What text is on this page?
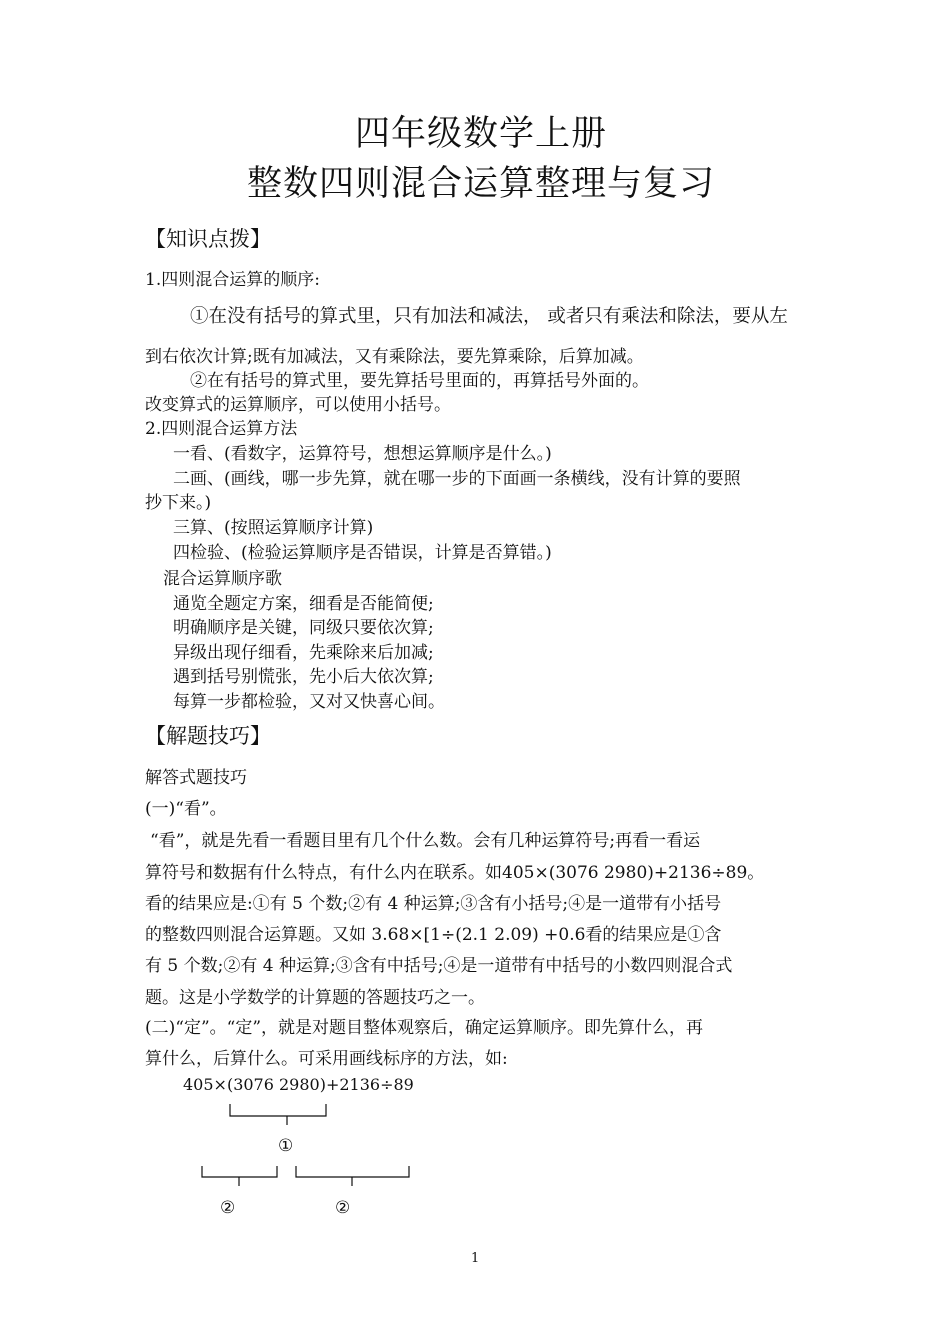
四年级数学上册
整数四则混合运算整理与复习
【知识点拨】
1.四则混合运算的顺序:
①在没有括号的算式里，只有加法和减法， 或者只有乘法和除法，要从左
到右依次计算;既有加减法，又有乘除法，要先算乘除，后算加减。
②在有括号的算式里，要先算括号里面的，再算括号外面的。
改变算式的运算顺序，可以使用小括号。
2.四则混合运算方法
一看、(看数字，运算符号，想想运算顺序是什么。)
二画、(画线，哪一步先算，就在哪一步的下面画一条横线，没有计算的要照
抄下来。)
三算、(按照运算顺序计算)
四检验、(检验运算顺序是否错误，计算是否算错。)
混合运算顺序歌
通览全题定方案，细看是否能简便;
明确顺序是关键，同级只要依次算;
异级出现仔细看，先乘除来后加减;
遇到括号别慌张，先小后大依次算;
每算一步都检验，又对又快喜心间。
【解题技巧】
解答式题技巧
(一)“看”。
“看”，就是先看一看题目里有几个什么数。会有几种运算符号;再看一看运
算符号和数据有什么特点，有什么内在联系。如405×(3076 2980)+2136÷89。
看的结果应是:①有 5 个数;②有 4 种运算;③含有小括号;④是一道带有小括号
的整数四则混合运算题。又如 3.68×[1÷(2.1 2.09) +0.6看的结果应是①含
有 5 个数;②有 4 种运算;③含有中括号;④是一道带有中括号的小数四则混合式
题。这是小学数学的计算题的答题技巧之一。
(二)“定”。“定”，就是对题目整体观察后，确定运算顺序。即先算什么，再
算什么，后算什么。可采用画线标序的方法，如:
405×(3076 2980)+2136÷89
①
②	②
1
